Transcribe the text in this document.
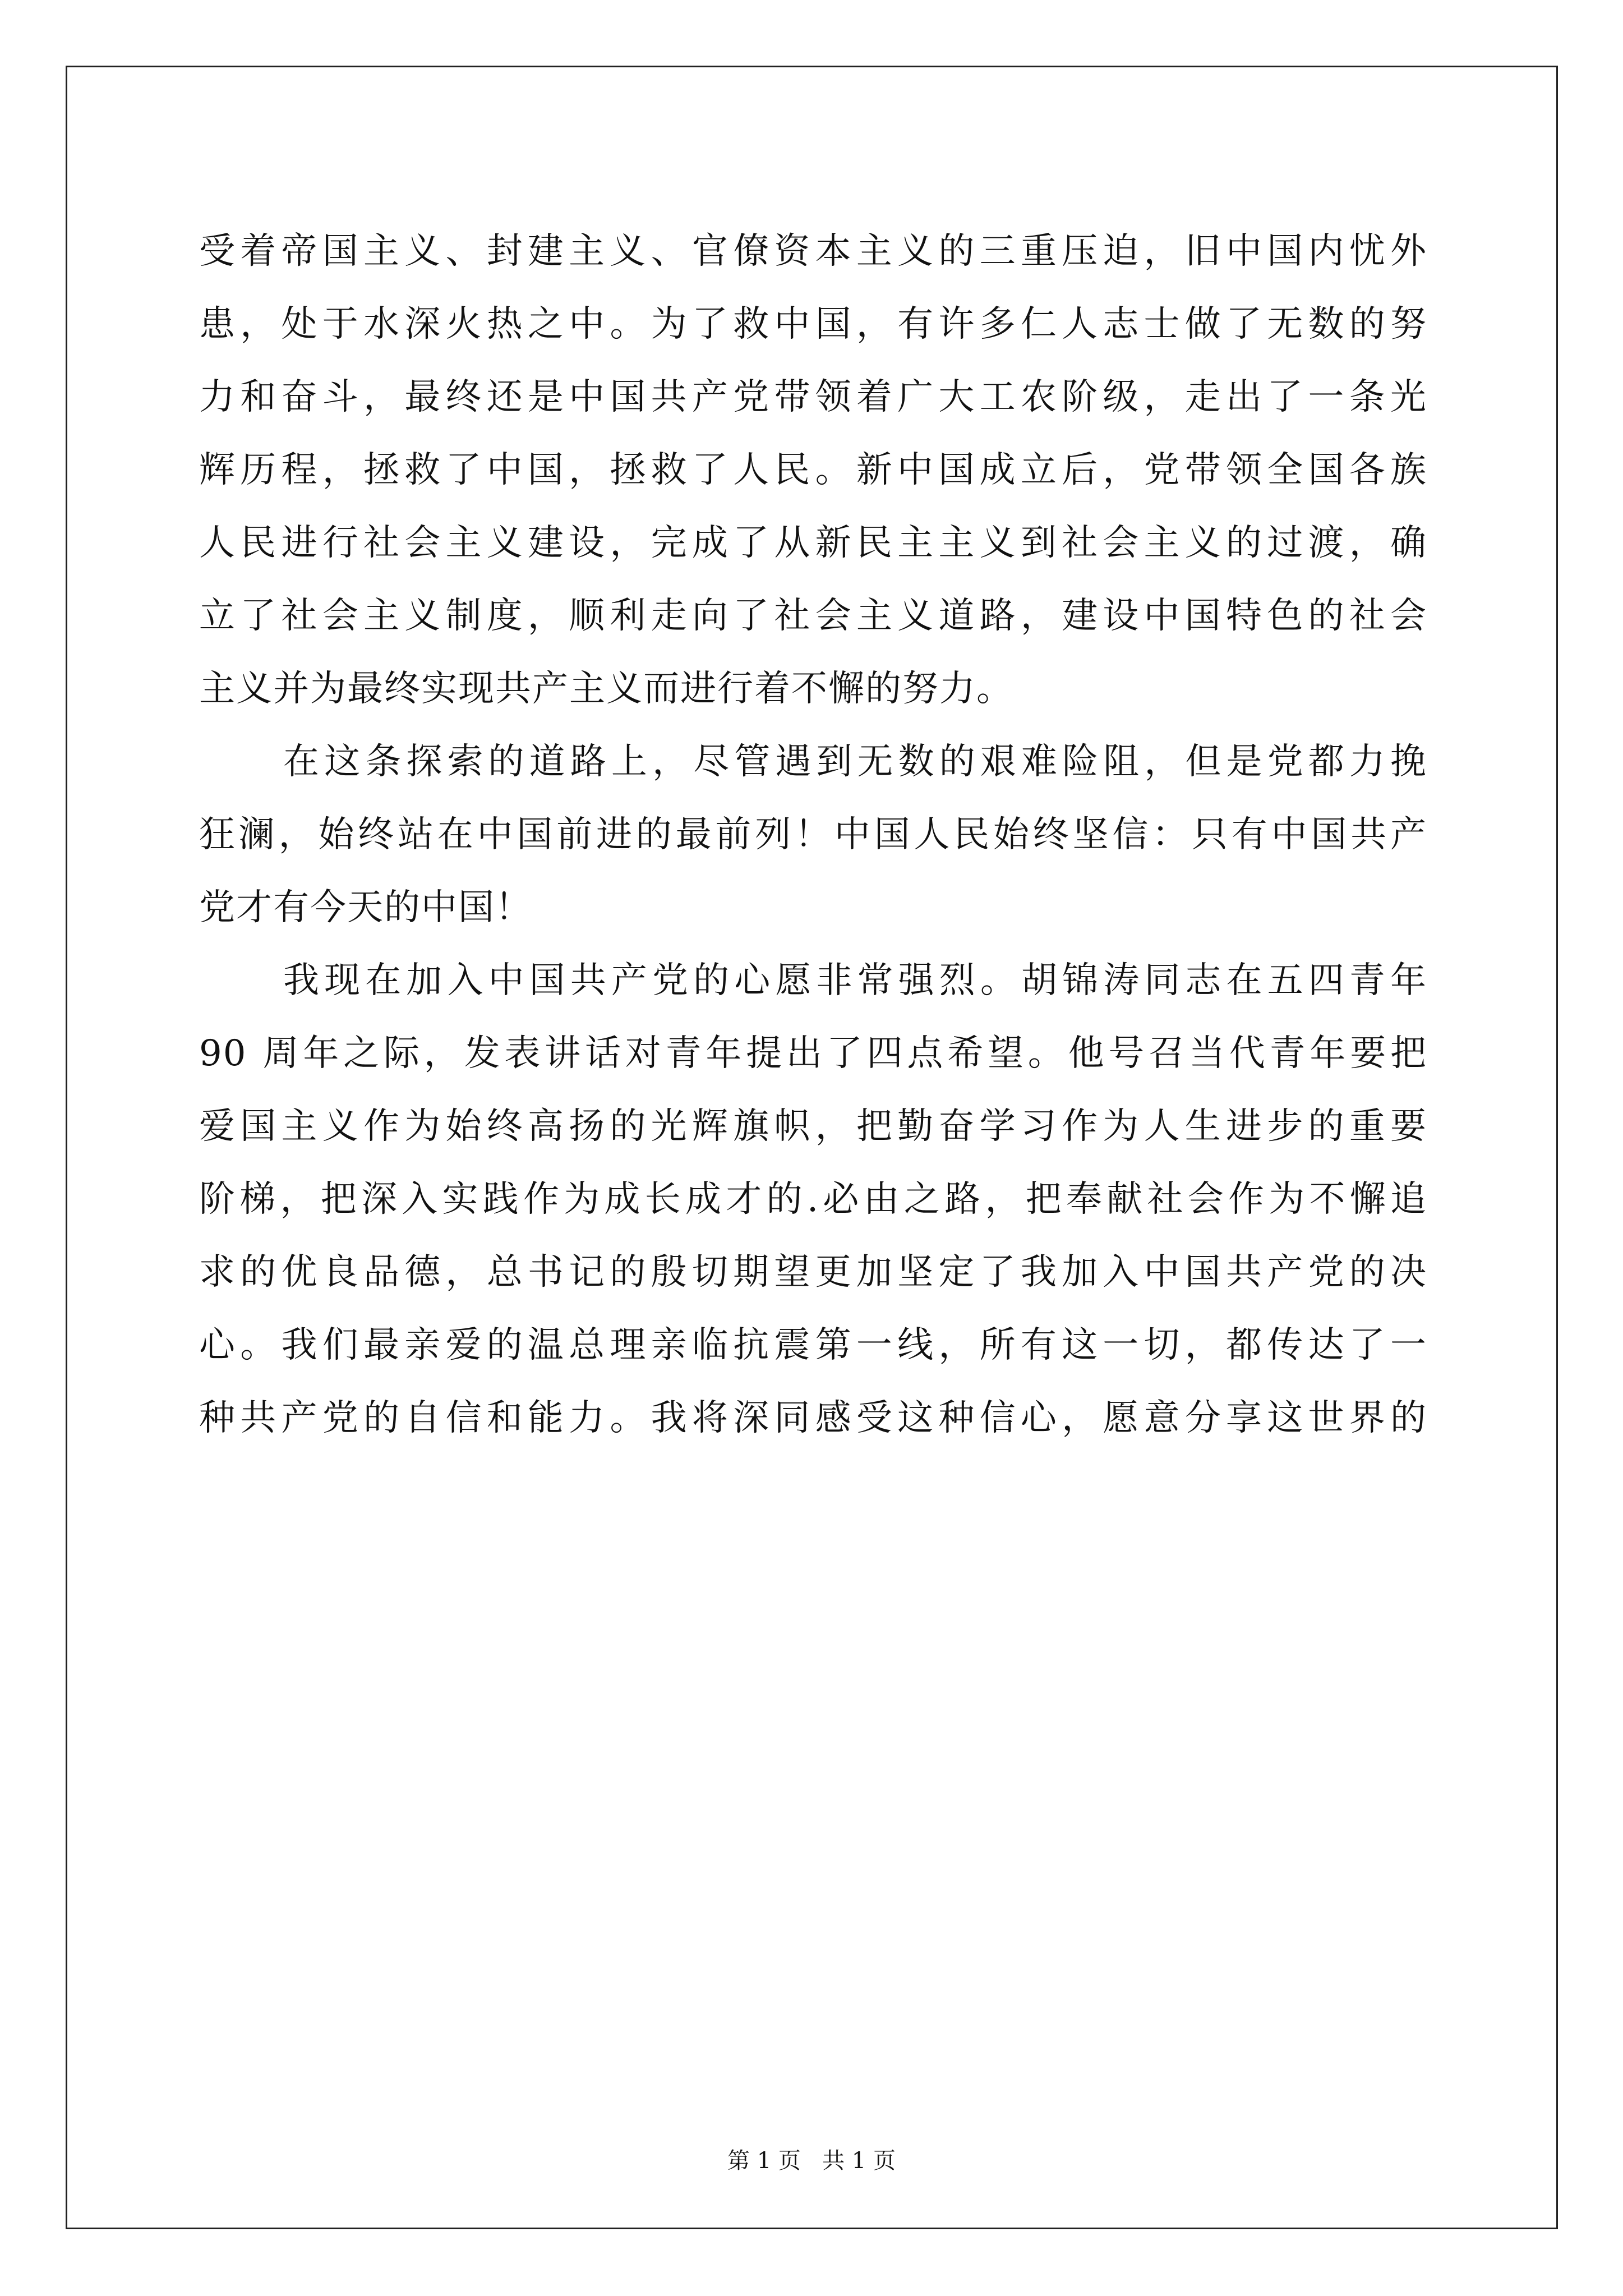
受着帝国主义、封建主义、官僚资本主义的三重压迫，旧中国内忧外
患，处于水深火热之中。为了救中国，有许多仁人志士做了无数的努
力和奋斗，最终还是中国共产党带领着广大工农阶级，走出了一条光
辉历程，拯救了中国，拯救了人民。新中国成立后，党带领全国各族
人民进行社会主义建设，完成了从新民主主义到社会主义的过渡，确
立了社会主义制度，顺利走向了社会主义道路，建设中国特色的社会
主义并为最终实现共产主义而进行着不懈的努力。
在这条探索的道路上，尽管遇到无数的艰难险阻，但是党都力挽
狂澜，始终站在中国前进的最前列！中国人民始终坚信：只有中国共产
党才有今天的中国！
我现在加入中国共产党的心愿非常强烈。胡锦涛同志在五四青年
90 周年之际，发表讲话对青年提出了四点希望。他号召当代青年要把
爱国主义作为始终高扬的光辉旗帜，把勤奋学习作为人生进步的重要
阶梯，把深入实践作为成长成才的.必由之路，把奉献社会作为不懈追
求的优良品德，总书记的殷切期望更加坚定了我加入中国共产党的决
心。我们最亲爱的温总理亲临抗震第一线，所有这一切，都传达了一
种共产党的自信和能力。我将深同感受这种信心，愿意分享这世界的
第 1 页   共 1 页
